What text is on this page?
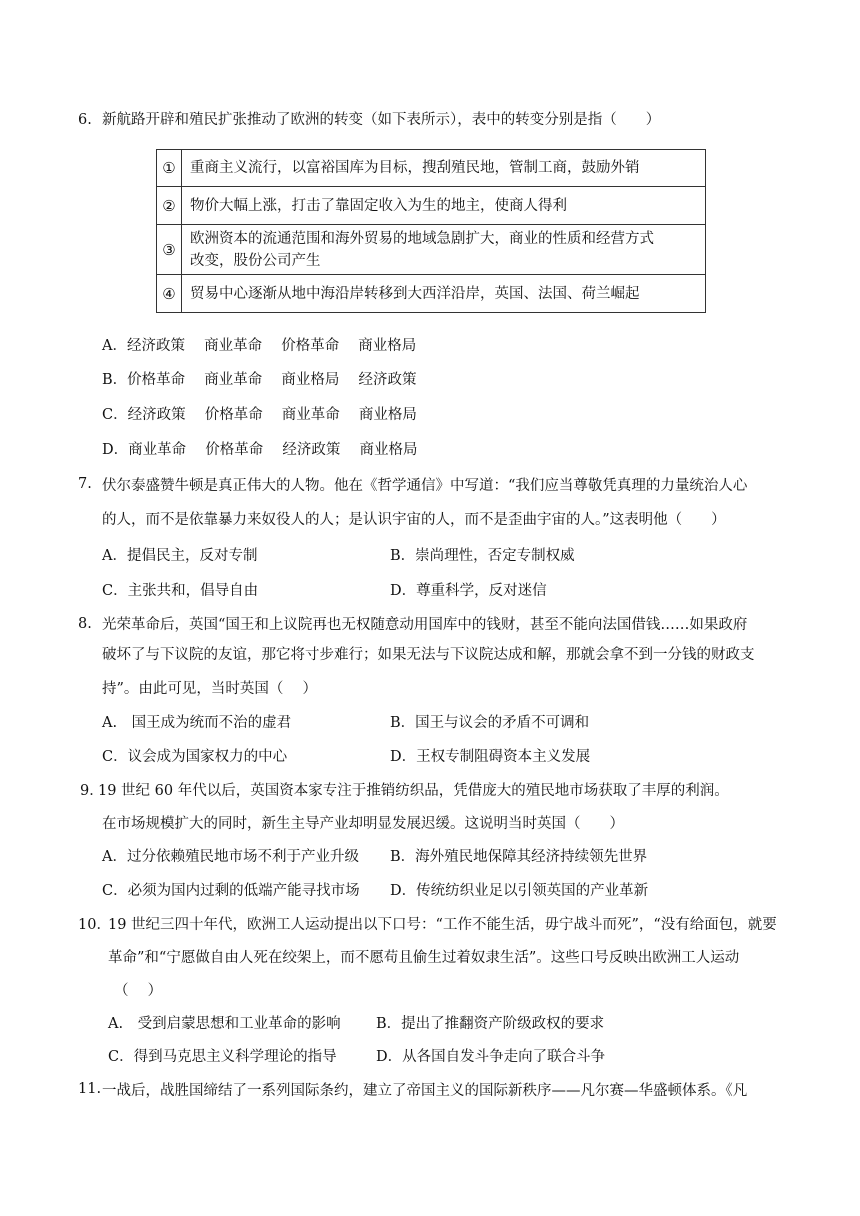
6. 新航路开辟和殖民扩张推动了欧洲的转变（如下表所示），表中的转变分别是指（　　）
①	重商主义流行，以富裕国库为目标，搜刮殖民地，管制工商，鼓励外销
②	物价大幅上涨，打击了靠固定收入为生的地主，使商人得利
③	欧洲资本的流通范围和海外贸易的地域急剧扩大，商业的性质和经营方式
改变，股份公司产生

④	贸易中心逐渐从地中海沿岸转移到大西洋沿岸，英国、法国、荷兰崛起
A．经济政策　 商业革命　 价格革命　 商业格局
B．价格革命　 商业革命　 商业格局　 经济政策
C．经济政策　 价格革命　 商业革命　 商业格局
D．商业革命　 价格革命　 经济政策　 商业格局
7. 伏尔泰盛赞牛顿是真正伟大的人物。他在《哲学通信》中写道：“我们应当尊敬凭真理的力量统治人心
的人，而不是依靠暴力来奴役人的人；是认识宇宙的人，而不是歪曲宇宙的人。”这表明他（　　）
A．提倡民主，反对专制	B．崇尚理性，否定专制权威
C．主张共和，倡导自由	D．尊重科学，反对迷信
8. 光荣革命后，英国“国王和上议院再也无权随意动用国库中的钱财，甚至不能向法国借钱……如果政府
破坏了与下议院的友谊，那它将寸步难行；如果无法与下议院达成和解，那就会拿不到一分钱的财政支
持”。由此可见，当时英国（　 ）
A.　国王成为统而不治的虚君	B．国王与议会的矛盾不可调和
C．议会成为国家权力的中心	D．王权专制阻碍资本主义发展
9．
19 世纪 60 年代以后，英国资本家专注于推销纺织品，凭借庞大的殖民地市场获取了丰厚的利润。
在市场规模扩大的同时，新生主导产业却明显发展迟缓。这说明当时英国（　　）
A．过分依赖殖民地市场不利于产业升级 B．海外殖民地保障其经济持续领先世界
C．必须为国内过剩的低端产能寻找市场 D．传统纺织业足以引领英国的产业革新
10．
19 世纪三四十年代，欧洲工人运动提出以下口号：“工作不能生活，毋宁战斗而死”，“没有给面包，就要
革命”和“宁愿做自由人死在绞架上，而不愿苟且偷生过着奴隶生活”。这些口号反映出欧洲工人运动
（　 ）
A.　受到启蒙思想和工业革命的影响 B．提出了推翻资产阶级政权的要求
C．得到马克思主义科学理论的指导	D．从各国自发斗争走向了联合斗争
11. 一战后，战胜国缔结了一系列国际条约，建立了帝国主义的国际新秩序——凡尔赛—华盛顿体系。《凡
